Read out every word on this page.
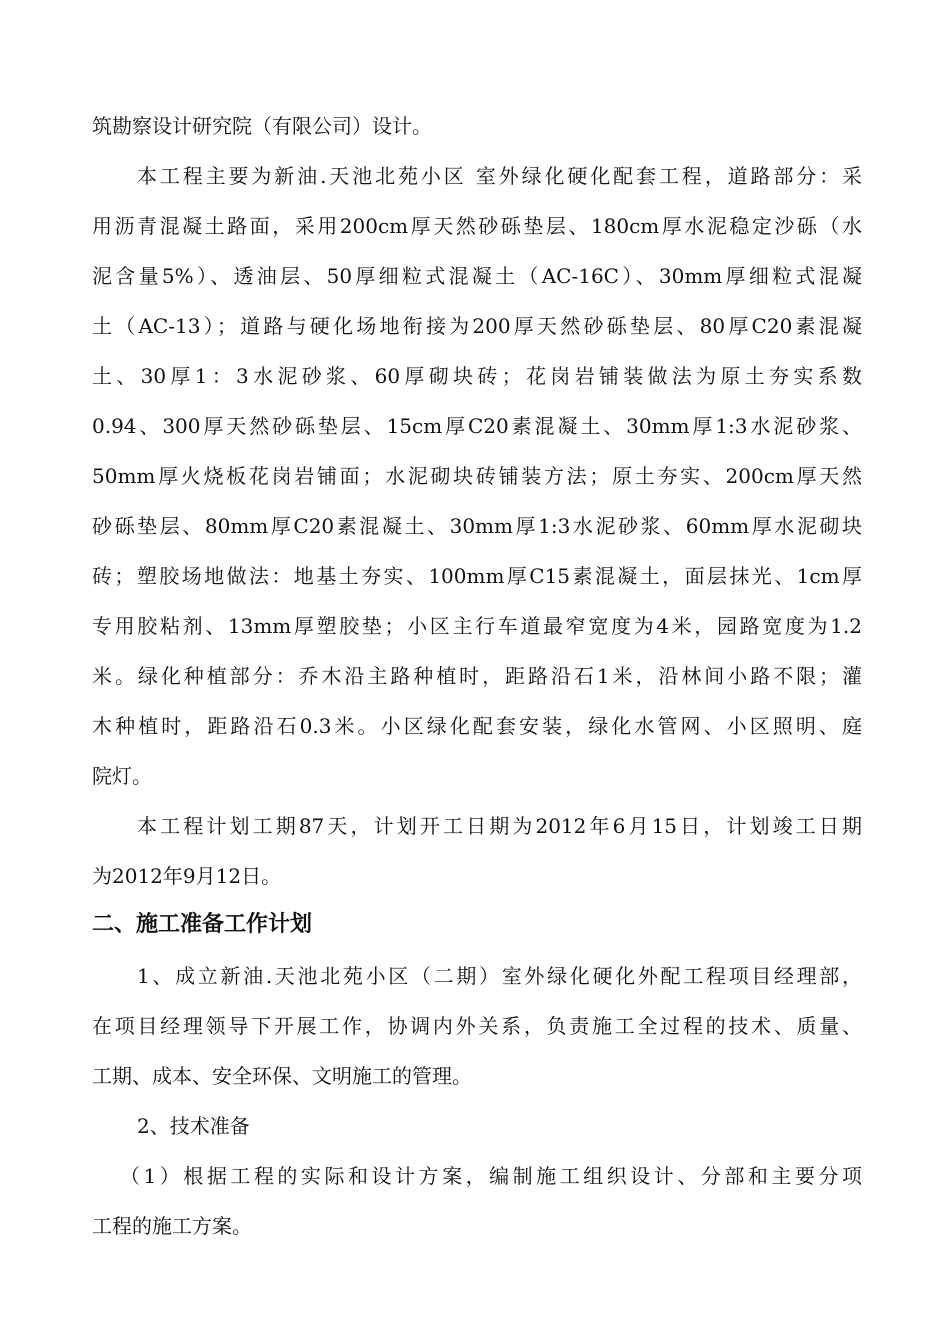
筑勘察设计研究院（有限公司）设计。
本工程主要为新油.天池北苑小区 室外绿化硬化配套工程，道路部分：采
用沥青混凝土路面，采用200cm厚天然砂砾垫层、180cm厚水泥稳定沙砾（水
泥含量5%）、透油层、50厚细粒式混凝土（AC-16C）、30mm厚细粒式混凝
土（AC-13）；道路与硬化场地衔接为200厚天然砂砾垫层、80厚C20素混凝
土、30厚1：3水泥砂浆、60厚砌块砖；花岗岩铺装做法为原土夯实系数
0.94、300厚天然砂砾垫层、15cm厚C20素混凝土、30mm厚1:3水泥砂浆、
50mm厚火烧板花岗岩铺面；水泥砌块砖铺装方法；原土夯实、200cm厚天然
砂砾垫层、80mm厚C20素混凝土、30mm厚1:3水泥砂浆、60mm厚水泥砌块
砖；塑胶场地做法：地基土夯实、100mm厚C15素混凝土，面层抹光、1cm厚
专用胶粘剂、13mm厚塑胶垫；小区主行车道最窄宽度为4米，园路宽度为1.2
米。绿化种植部分：乔木沿主路种植时，距路沿石1米，沿林间小路不限；灌
木种植时，距路沿石0.3米。小区绿化配套安装，绿化水管网、小区照明、庭
院灯。
本工程计划工期87天，计划开工日期为2012年6月15日，计划竣工日期
为2012年9月12日。
二、施工准备工作计划
1、成立新油.天池北苑小区（二期）室外绿化硬化外配工程项目经理部，
在项目经理领导下开展工作，协调内外关系，负责施工全过程的技术、质量、
工期、成本、安全环保、文明施工的管理。
2、技术准备
（1）根据工程的实际和设计方案，编制施工组织设计、分部和主要分项
工程的施工方案。
